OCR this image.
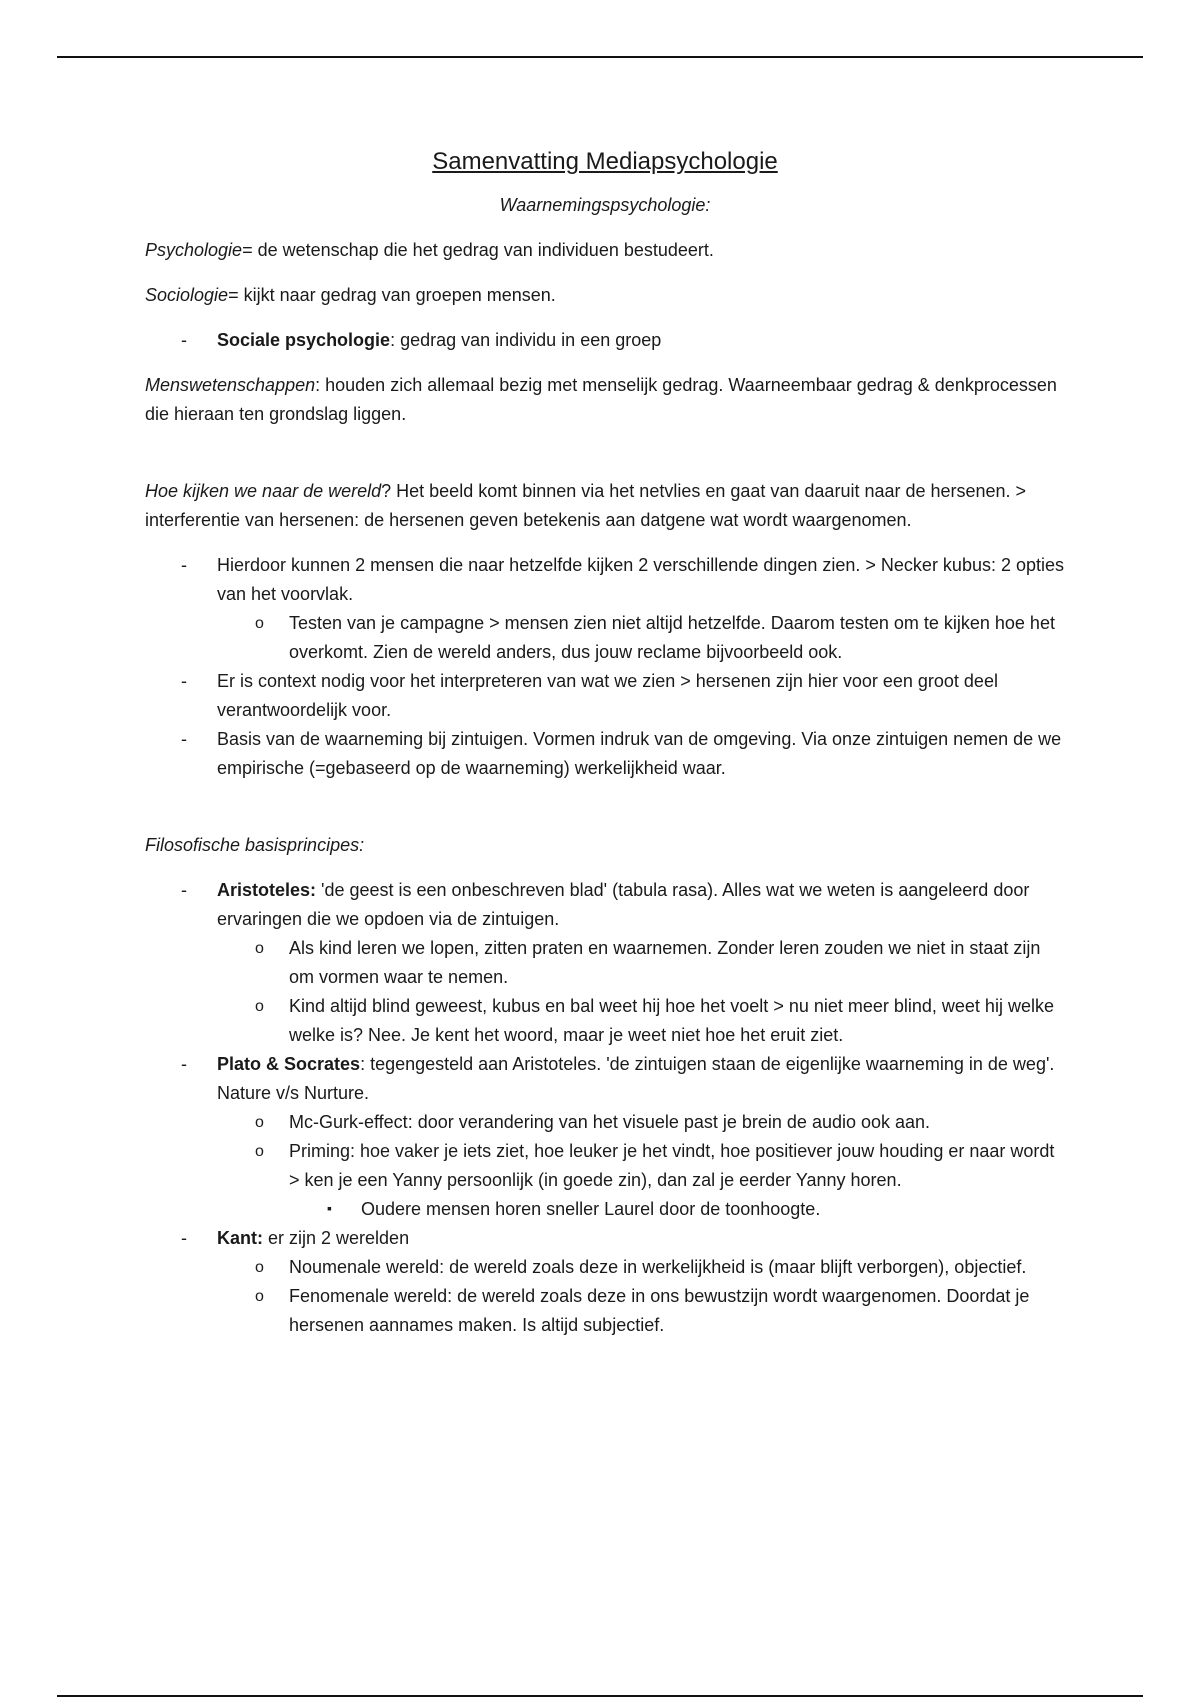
Samenvatting Mediapsychologie
Waarnemingspsychologie:

Psychologie= de wetenschap die het gedrag van individuen bestudeert.

Sociologie= kijkt naar gedrag van groepen mensen.

-	Sociale psychologie: gedrag van individu in een groep

Menswetenschappen: houden zich allemaal bezig met menselijk gedrag. Waarneembaar gedrag & denkprocessen die hieraan ten grondslag liggen.

Hoe kijken we naar de wereld? Het beeld komt binnen via het netvlies en gaat van daaruit naar de hersenen. > interferentie van hersenen: de hersenen geven betekenis aan datgene wat wordt waargenomen.

-	Hierdoor kunnen 2 mensen die naar hetzelfde kijken 2 verschillende dingen zien. > Necker kubus: 2 opties van het voorvlak.
o	Testen van je campagne > mensen zien niet altijd hetzelfde. Daarom testen om te kijken hoe het overkomt. Zien de wereld anders, dus jouw reclame bijvoorbeeld ook.
-	Er is context nodig voor het interpreteren van wat we zien > hersenen zijn hier voor een groot deel verantwoordelijk voor.
-	Basis van de waarneming bij zintuigen. Vormen indruk van de omgeving. Via onze zintuigen nemen de we empirische (=gebaseerd op de waarneming) werkelijkheid waar.

Filosofische basisprincipes:

-	Aristoteles: 'de geest is een onbeschreven blad' (tabula rasa). Alles wat we weten is aangeleerd door ervaringen die we opdoen via de zintuigen.
o	Als kind leren we lopen, zitten praten en waarnemen. Zonder leren zouden we niet in staat zijn om vormen waar te nemen.
o	Kind altijd blind geweest, kubus en bal weet hij hoe het voelt > nu niet meer blind, weet hij welke welke is? Nee. Je kent het woord, maar je weet niet hoe het eruit ziet.
-	Plato & Socrates: tegengesteld aan Aristoteles. 'de zintuigen staan de eigenlijke waarneming in de weg'. Nature v/s Nurture.
o	Mc-Gurk-effect: door verandering van het visuele past je brein de audio ook aan.
o	Priming: hoe vaker je iets ziet, hoe leuker je het vindt, hoe positiever jouw houding er naar wordt > ken je een Yanny persoonlijk (in goede zin), dan zal je eerder Yanny horen.
▪	Oudere mensen horen sneller Laurel door de toonhoogte.
-	Kant: er zijn 2 werelden
o	Noumenale wereld: de wereld zoals deze in werkelijkheid is (maar blijft verborgen), objectief.
o	Fenomenale wereld: de wereld zoals deze in ons bewustzijn wordt waargenomen. Doordat je hersenen aannames maken. Is altijd subjectief.
